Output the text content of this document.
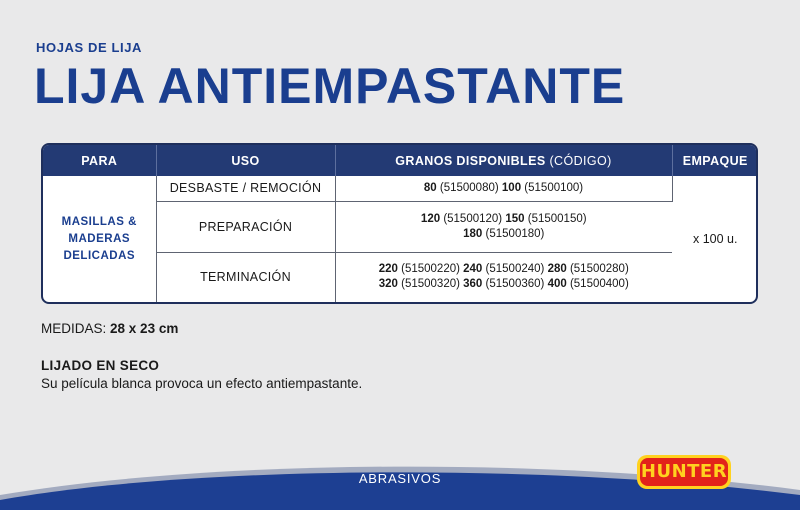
HOJAS DE LIJA
LIJA ANTIEMPASTANTE
PARA	USO	GRANOS DISPONIBLES (CÓDIGO)	EMPAQUE

MASILLAS &
MADERAS
DELICADAS	DESBASTE / REMOCIÓN	80 (51500080) 100 (51500100)	x 100 u.
	PREPARACIÓN	120 (51500120) 150 (51500150)
180 (51500180)	

	TERMINACIÓN	220 (51500220) 240 (51500240) 280 (51500280)
320 (51500320) 360 (51500360) 400 (51500400)	
MEDIDAS: 28 x 23 cm
LIJADO EN SECO
Su película blanca provoca un efecto antiempastante.
ABRASIVOS	HUNTER
